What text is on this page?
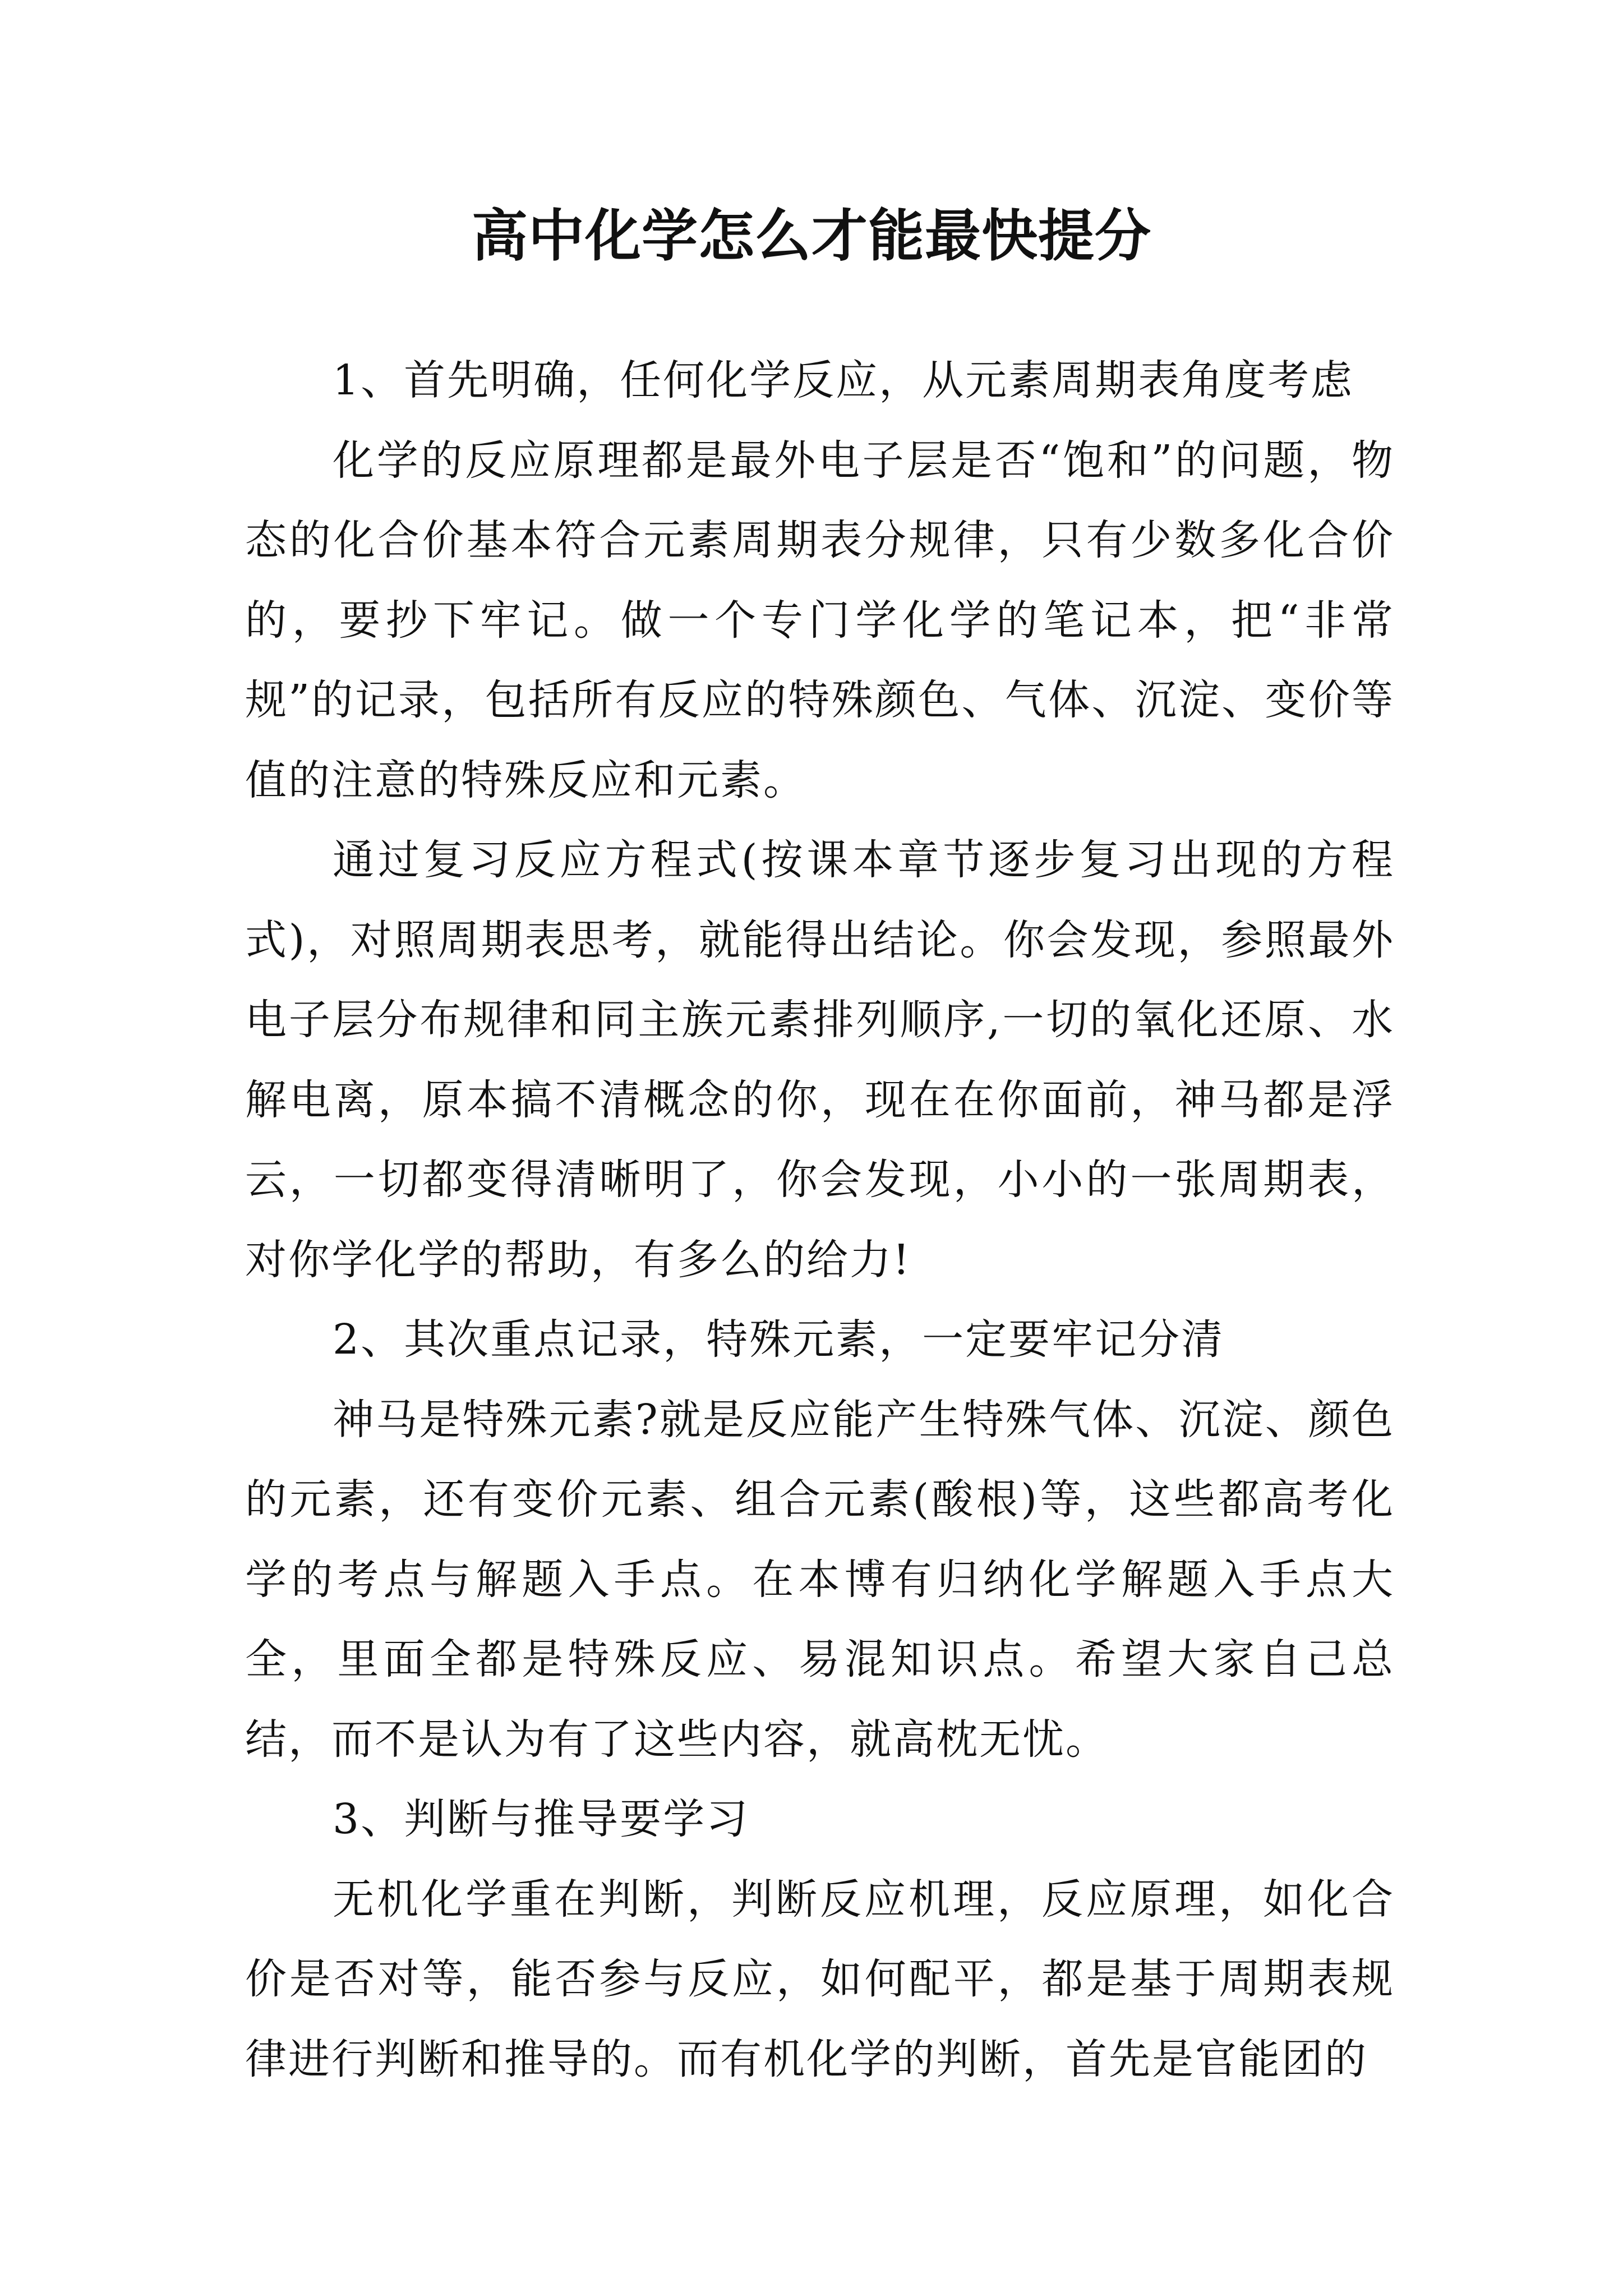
高中化学怎么才能最快提分

1、首先明确，任何化学反应，从元素周期表角度考虑

化学的反应原理都是最外电子层是否“饱和”的问题，物态的化合价基本符合元素周期表分规律，只有少数多化合价的，要抄下牢记。做一个专门学化学的笔记本，把“非常规”的记录，包括所有反应的特殊颜色、气体、沉淀、变价等值的注意的特殊反应和元素。

通过复习反应方程式(按课本章节逐步复习出现的方程式)，对照周期表思考，就能得出结论。你会发现，参照最外电子层分布规律和同主族元素排列顺序,一切的氧化还原、水解电离，原本搞不清概念的你，现在在你面前，神马都是浮云，一切都变得清晰明了，你会发现，小小的一张周期表，对你学化学的帮助，有多么的给力!

2、其次重点记录，特殊元素，一定要牢记分清

神马是特殊元素?就是反应能产生特殊气体、沉淀、颜色的元素，还有变价元素、组合元素(酸根)等，这些都高考化学的考点与解题入手点。在本博有归纳化学解题入手点大全，里面全都是特殊反应、易混知识点。希望大家自己总结，而不是认为有了这些内容，就高枕无忧。

3、判断与推导要学习

无机化学重在判断，判断反应机理，反应原理，如化合价是否对等，能否参与反应，如何配平，都是基于周期表规律进行判断和推导的。而有机化学的判断，首先是官能团的
